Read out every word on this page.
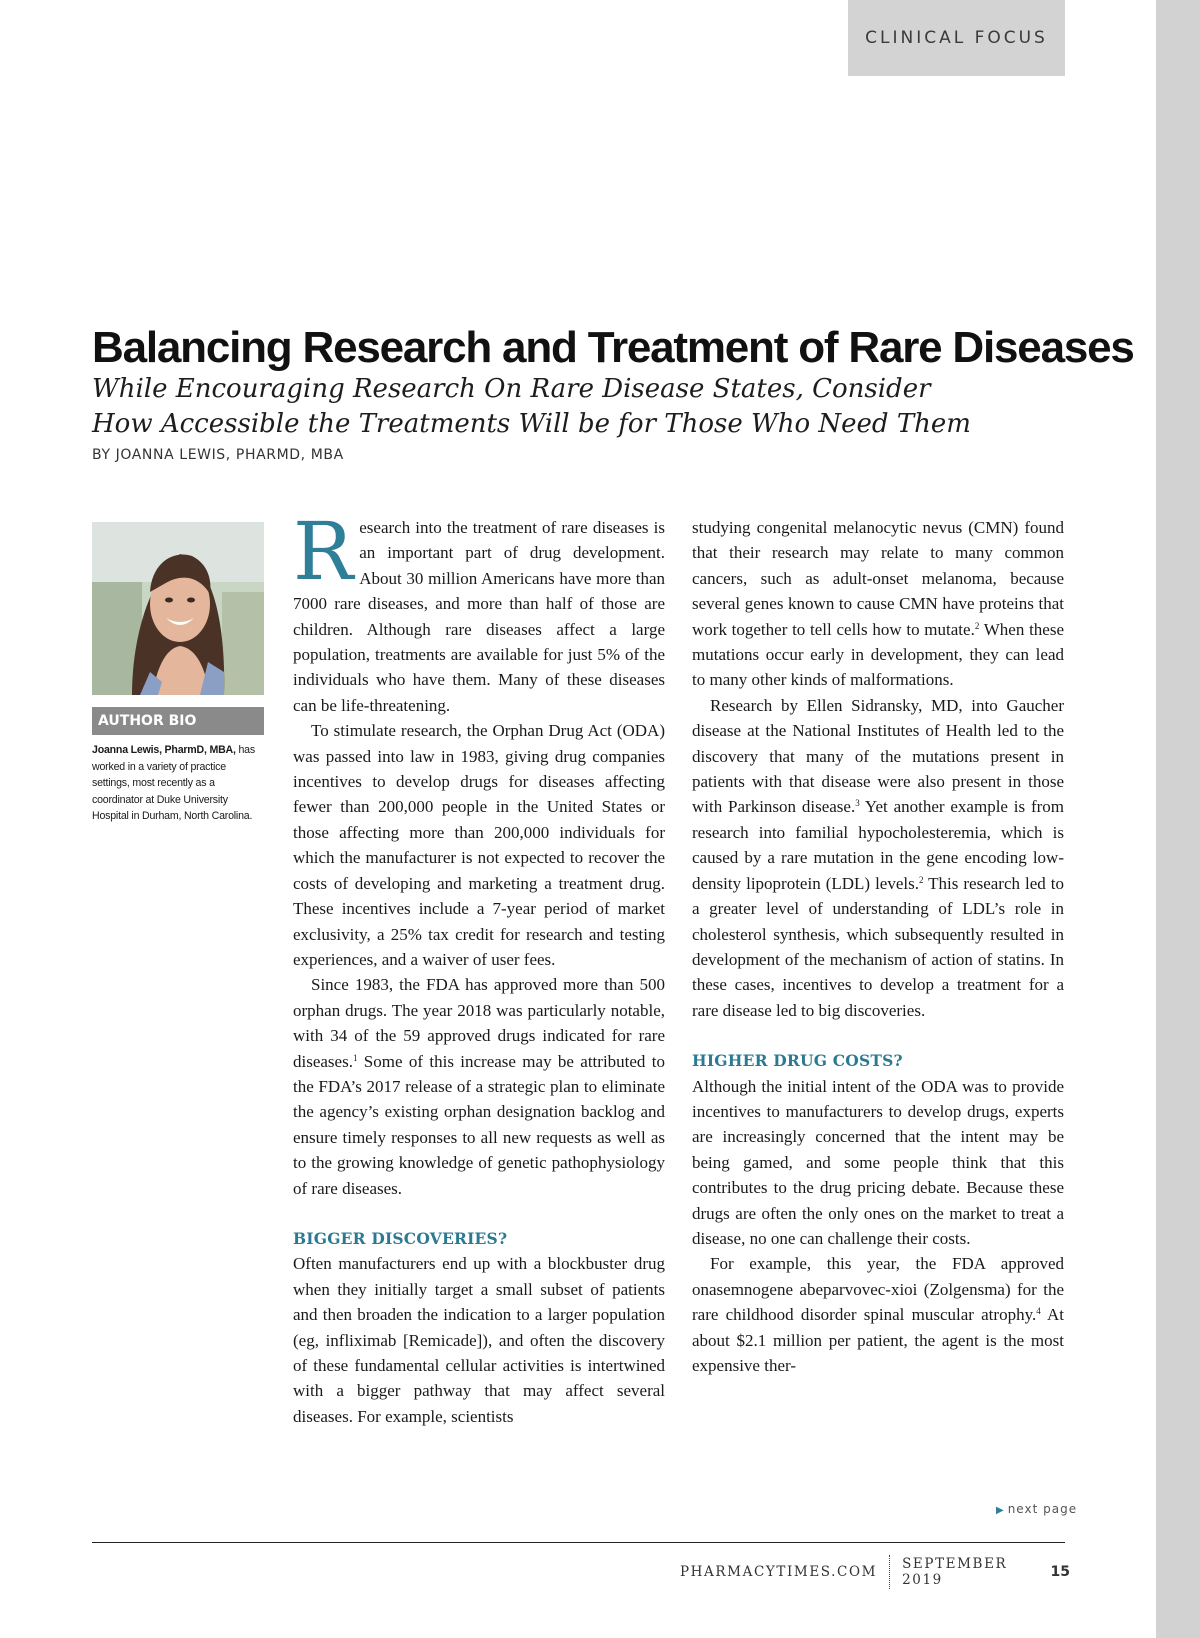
CLINICAL FOCUS
Balancing Research and Treatment of Rare Diseases
While Encouraging Research On Rare Disease States, Consider How Accessible the Treatments Will be for Those Who Need Them
BY JOANNA LEWIS, PHARMD, MBA
AUTHOR BIO
Joanna Lewis, PharmD, MBA, has worked in a variety of practice settings, most recently as a coordinator at Duke University Hospital in Durham, North Carolina.

Research into the treatment of rare diseases is an important part of drug development. About 30 million Americans have more than 7000 rare diseases, and more than half of those are children. Although rare diseases affect a large population, treatments are available for just 5% of the individuals who have them. Many of these diseases can be life-threatening.

To stimulate research, the Orphan Drug Act (ODA) was passed into law in 1983, giving drug companies incentives to develop drugs for diseases affecting fewer than 200,000 people in the United States or those affecting more than 200,000 individuals for which the manufacturer is not expected to recover the costs of developing and marketing a treatment drug. These incentives include a 7-year period of market exclusivity, a 25% tax credit for research and testing experiences, and a waiver of user fees.

Since 1983, the FDA has approved more than 500 orphan drugs. The year 2018 was particularly notable, with 34 of the 59 approved drugs indicated for rare diseases.$^1$ Some of this increase may be attributed to the FDA’s 2017 release of a strategic plan to eliminate the agency’s existing orphan designation backlog and ensure timely responses to all new requests as well as to the growing knowledge of genetic pathophysiology of rare diseases.

BIGGER DISCOVERIES?

Often manufacturers end up with a blockbuster drug when they initially target a small subset of patients and then broaden the indication to a larger population (eg, infliximab [Remicade]), and often the discovery of these fundamental cellular activities is intertwined with a bigger pathway that may affect several diseases. For example, scientists

studying congenital melanocytic nevus (CMN) found that their research may relate to many common cancers, such as adult-onset melanoma, because several genes known to cause CMN have proteins that work together to tell cells how to mutate.$^2$ When these mutations occur early in development, they can lead to many other kinds of malformations.

Research by Ellen Sidransky, MD, into Gaucher disease at the National Institutes of Health led to the discovery that many of the mutations present in patients with that disease were also present in those with Parkinson disease.$^3$ Yet another example is from research into familial hypocholesteremia, which is caused by a rare mutation in the gene encoding low-density lipoprotein (LDL) levels.$^2$ This research led to a greater level of understanding of LDL’s role in cholesterol synthesis, which subsequently resulted in development of the mechanism of action of statins. In these cases, incentives to develop a treatment for a rare disease led to big discoveries.

HIGHER DRUG COSTS?

Although the initial intent of the ODA was to provide incentives to manufacturers to develop drugs, experts are increasingly concerned that the intent may be being gamed, and some people think that this contributes to the drug pricing debate. Because these drugs are often the only ones on the market to treat a disease, no one can challenge their costs.

For example, this year, the FDA approved onasemnogene abeparvovec-xioi (Zolgensma) for the rare childhood disorder spinal muscular atrophy.$^4$ At about $2.1 million per patient, the agent is the most expensive ther-

▶ next page
PHARMACYTIMES.COM SEPTEMBER 2019	15
